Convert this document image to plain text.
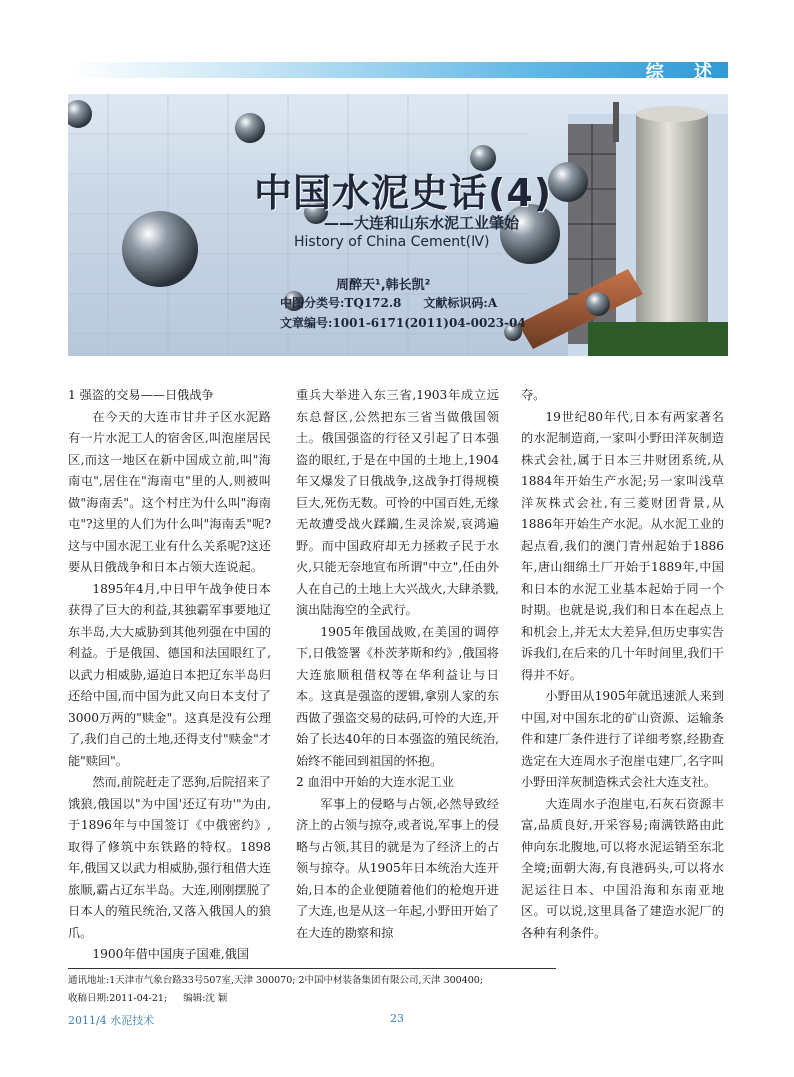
综 述
中国水泥史话(4)
——大连和山东水泥工业肇始
History of China Cement(Ⅳ)
周醉天¹,韩长凯²
中图分类号:TQ172.8 文献标识码:A
文章编号:1001-6171(2011)04-0023-04
1 强盗的交易——日俄战争

在今天的大连市甘井子区水泥路有一片水泥工人的宿舍区,叫泡崖居民区,而这一地区在新中国成立前,叫"海南屯",居住在"海南屯"里的人,则被叫做"海南丢"。这个村庄为什么叫"海南屯"?这里的人们为什么叫"海南丢"呢?这与中国水泥工业有什么关系呢?这还要从日俄战争和日本占领大连说起。

1895年4月,中日甲午战争使日本获得了巨大的利益,其独霸军事要地辽东半岛,大大威胁到其他列强在中国的利益。于是俄国、德国和法国眼红了,以武力相威胁,逼迫日本把辽东半岛归还给中国,而中国为此又向日本支付了3000万两的"赎金"。这真是没有公理了,我们自己的土地,还得支付"赎金"才能"赎回"。

然而,前院赶走了恶狗,后院招来了饿狼,俄国以"为中国'还辽有功'"为由,于1896年与中国签订《中俄密约》,取得了修筑中东铁路的特权。1898年,俄国又以武力相威胁,强行租借大连旅顺,霸占辽东半岛。大连,刚刚摆脱了日本人的殖民统治,又落入俄国人的狼爪。

1900年借中国庚子国难,俄国

重兵大举进入东三省,1903年成立远东总督区,公然把东三省当做俄国领土。俄国强盗的行径又引起了日本强盗的眼红,于是在中国的土地上,1904年又爆发了日俄战争,这战争打得规模巨大,死伤无数。可怜的中国百姓,无缘无故遭受战火蹂躏,生灵涂炭,哀鸿遍野。而中国政府却无力拯救子民于水火,只能无奈地宣布所谓"中立",任由外人在自己的土地上大兴战火,大肆杀戮,演出陆海空的全武行。

1905年俄国战败,在美国的调停下,日俄签署《朴茨茅斯和约》,俄国将大连旅顺租借权等在华利益让与日本。这真是强盗的逻辑,拿别人家的东西做了强盗交易的砝码,可怜的大连,开始了长达40年的日本强盗的殖民统治,始终不能回到祖国的怀抱。

2 血泪中开始的大连水泥工业

军事上的侵略与占领,必然导致经济上的占领与掠夺,或者说,军事上的侵略与占领,其目的就是为了经济上的占领与掠夺。从1905年日本统治大连开始,日本的企业便随着他们的枪炮开进了大连,也是从这一年起,小野田开始了在大连的勘察和掠

夺。

19世纪80年代,日本有两家著名的水泥制造商,一家叫小野田洋灰制造株式会社,属于日本三井财团系统,从1884年开始生产水泥;另一家叫浅草洋灰株式会社,有三菱财团背景,从1886年开始生产水泥。从水泥工业的起点看,我们的澳门青州起始于1886年,唐山细绵土厂开始于1889年,中国和日本的水泥工业基本起始于同一个时期。也就是说,我们和日本在起点上和机会上,并无太大差异,但历史事实告诉我们,在后来的几十年时间里,我们干得并不好。

小野田从1905年就迅速派人来到中国,对中国东北的矿山资源、运输条件和建厂条件进行了详细考察,经勘查选定在大连周水子泡崖屯建厂,名字叫小野田洋灰制造株式会社大连支社。

大连周水子泡崖屯,石灰石资源丰富,品质良好,开采容易;南满铁路由此伸向东北腹地,可以将水泥运销至东北全境;面朝大海,有良港码头,可以将水泥运往日本、中国沿海和东南亚地区。可以说,这里具备了建造水泥厂的各种有利条件。

通讯地址:1天津市气象台路33号507室,天津 300070; 2中国中材装备集团有限公司,天津 300400;
收稿日期:2011-04-21; 编辑:沈 颖
2011/4 水泥技术	23
